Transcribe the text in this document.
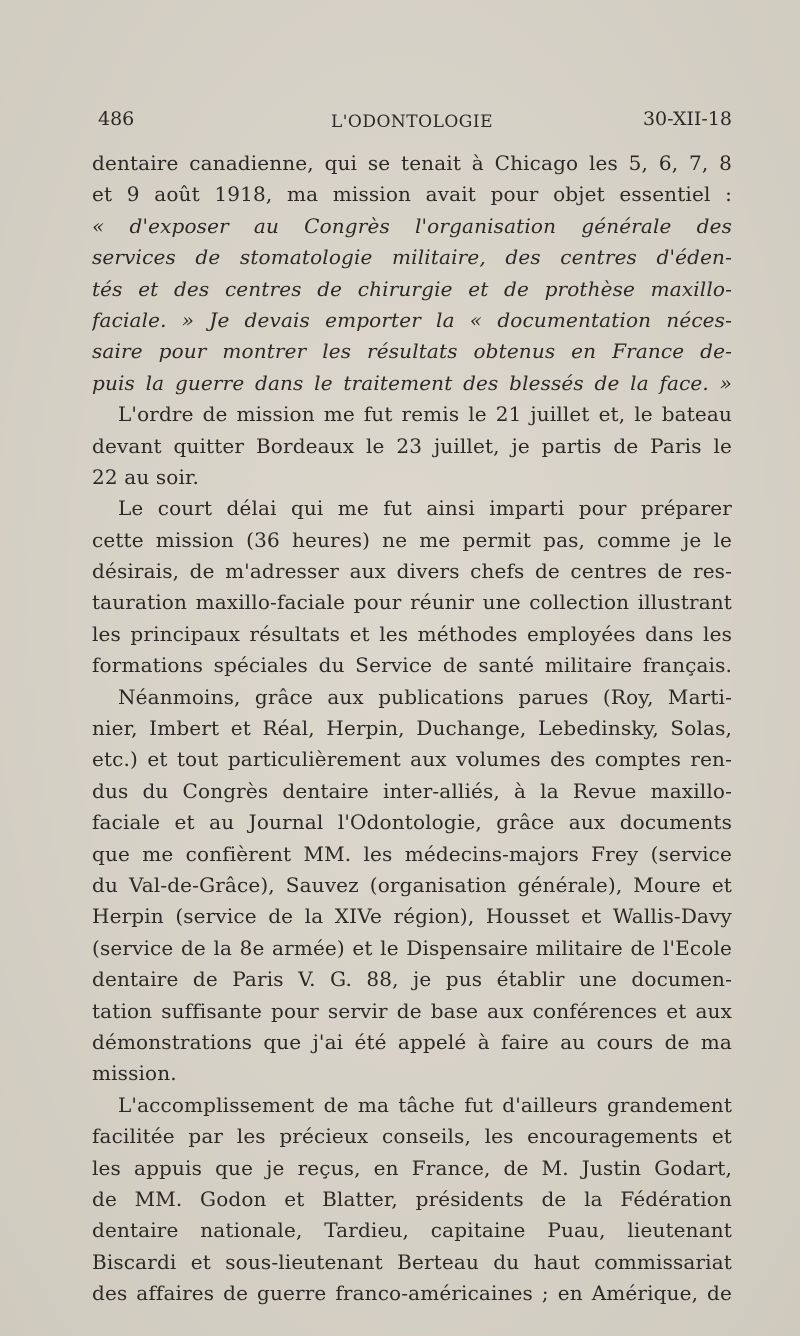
486	L'ODONTOLOGIE	30-XII-18
dentaire canadienne, qui se tenait à Chicago les 5, 6, 7, 8
et 9 août 1918, ma mission avait pour objet essentiel :
« d'exposer au Congrès l'organisation générale des
services de stomatologie militaire, des centres d'éden-
tés et des centres de chirurgie et de prothèse maxillo-
faciale. » Je devais emporter la « documentation néces-
saire pour montrer les résultats obtenus en France de-
puis la guerre dans le traitement des blessés de la face. »
L'ordre de mission me fut remis le 21 juillet et, le bateau
devant quitter Bordeaux le 23 juillet, je partis de Paris le
22 au soir.
Le court délai qui me fut ainsi imparti pour préparer
cette mission (36 heures) ne me permit pas, comme je le
désirais, de m'adresser aux divers chefs de centres de res-
tauration maxillo-faciale pour réunir une collection illustrant
les principaux résultats et les méthodes employées dans les
formations spéciales du Service de santé militaire français.
Néanmoins, grâce aux publications parues (Roy, Marti-
nier, Imbert et Réal, Herpin, Duchange, Lebedinsky, Solas,
etc.) et tout particulièrement aux volumes des comptes ren-
dus du Congrès dentaire inter-alliés, à la Revue maxillo-
faciale et au Journal l'Odontologie, grâce aux documents
que me confièrent MM. les médecins-majors Frey (service
du Val-de-Grâce), Sauvez (organisation générale), Moure et
Herpin (service de la XIVe région), Housset et Wallis-Davy
(service de la 8e armée) et le Dispensaire militaire de l'Ecole
dentaire de Paris V. G. 88, je pus établir une documen-
tation suffisante pour servir de base aux conférences et aux
démonstrations que j'ai été appelé à faire au cours de ma
mission.
L'accomplissement de ma tâche fut d'ailleurs grandement
facilitée par les précieux conseils, les encouragements et
les appuis que je reçus, en France, de M. Justin Godart,
de MM. Godon et Blatter, présidents de la Fédération
dentaire nationale, Tardieu, capitaine Puau, lieutenant
Biscardi et sous-lieutenant Berteau du haut commissariat
des affaires de guerre franco-américaines ; en Amérique, de
